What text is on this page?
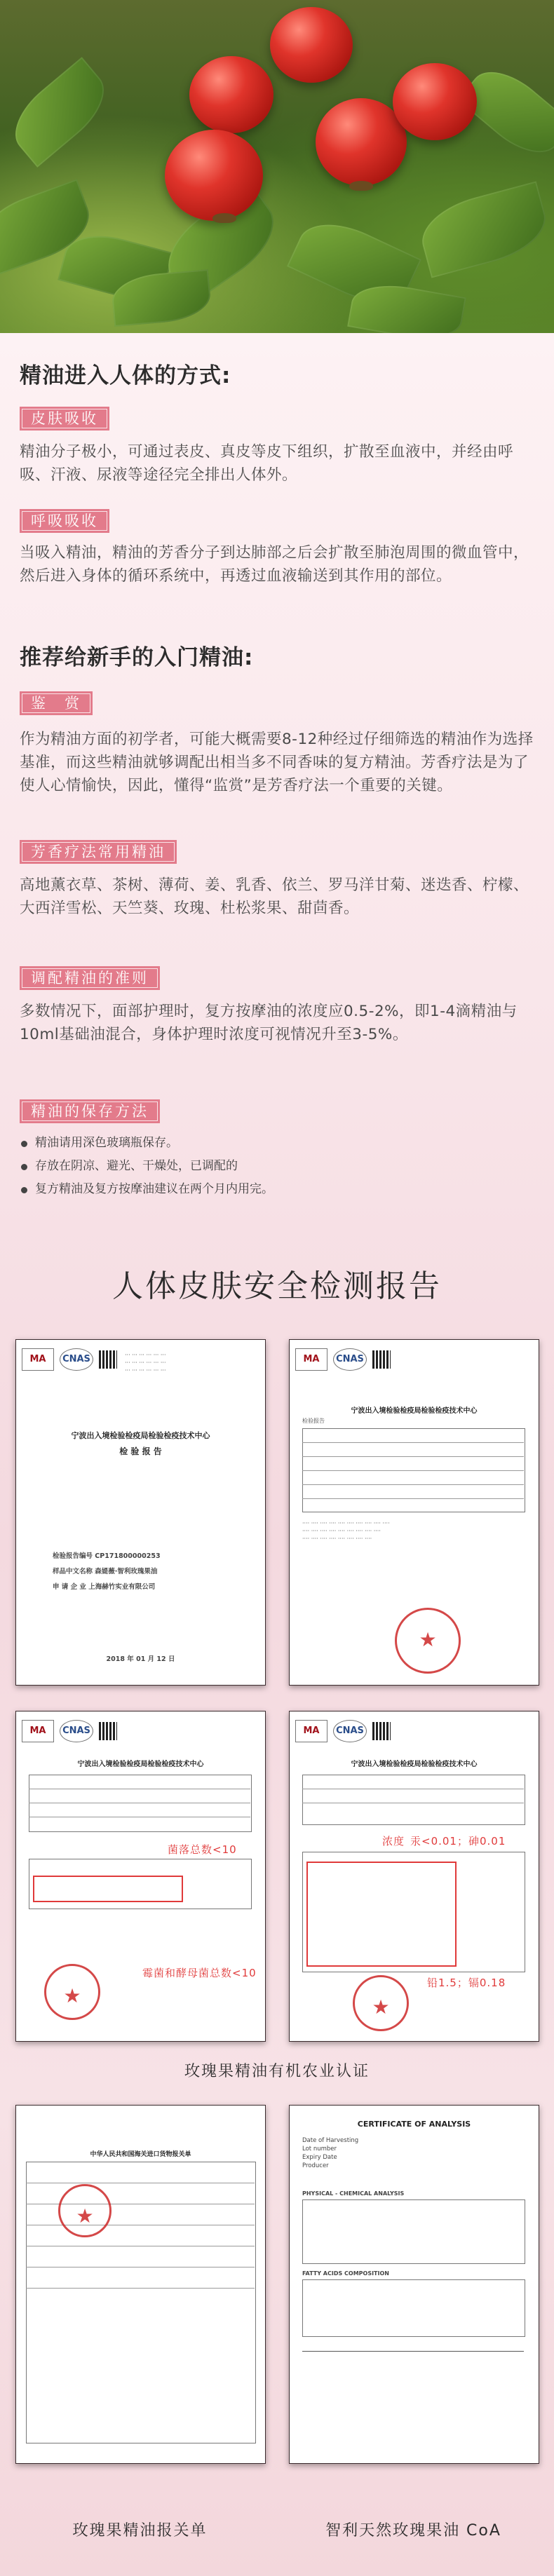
精油进入人体的方式:
皮肤吸收
精油分子极小，可通过表皮、真皮等皮下组织，扩散至血液中，并经由呼吸、汗液、尿液等途径完全排出人体外。
呼吸吸收
当吸入精油，精油的芳香分子到达肺部之后会扩散至肺泡周围的微血管中，然后进入身体的循环系统中，再透过血液输送到其作用的部位。
推荐给新手的入门精油:
鉴　赏
作为精油方面的初学者，可能大概需要8-12种经过仔细筛选的精油作为选择基准，而这些精油就够调配出相当多不同香味的复方精油。芳香疗法是为了使人心情愉快，因此，懂得“监赏”是芳香疗法一个重要的关键。
芳香疗法常用精油
高地薰衣草、茶树、薄荷、姜、乳香、依兰、罗马洋甘菊、迷迭香、柠檬、大西洋雪松、天竺葵、玫瑰、杜松浆果、甜茴香。
调配精油的准则
多数情况下，面部护理时，复方按摩油的浓度应0.5-2%，即1-4滴精油与10ml基础油混合，身体护理时浓度可视情况升至3-5%。
精油的保存方法
精油请用深色玻璃瓶保存。
存放在阴凉、避光、干燥处，已调配的
复方精油及复方按摩油建议在两个月内用完。
人体皮肤安全检测报告
MA	CNAS	··· ··· ··· ··· ··· ···
··· ··· ··· ··· ··· ···
··· ··· ··· ··· ··· ···
宁波出入境检验检疫局检验检疫技术中心
检 验 报 告
检验报告编号 CP171800000253
样品中文名称 森媞薇·智利玫瑰果油
申 请 企 业 上海赫竹实业有限公司
2018 年 01 月 12 日
MA	CNAS
宁波出入境检验检疫局检验检疫技术中心
检验报告
···· ···· ···· ···· ···· ···· ···· ···· ···· ····
···· ···· ···· ···· ···· ···· ···· ···· ····
···· ···· ···· ···· ···· ···· ···· ····
★
MA	CNAS
宁波出入境检验检疫局检验检疫技术中心
菌落总数<10
霉菌和酵母菌总数<10
★
MA	CNAS
宁波出入境检验检疫局检验检疫技术中心
浓度 汞<0.01；砷0.01
铅1.5；镉0.18
★
玫瑰果精油有机农业认证
中华人民共和国海关进口货物报关单
★
CERTIFICATE OF ANALYSIS
Date of Harvesting
Lot number
Expiry Date
Producer
PHYSICAL - CHEMICAL ANALYSIS
FATTY ACIDS COMPOSITION
玫瑰果精油报关单	智利天然玫瑰果油 CoA
